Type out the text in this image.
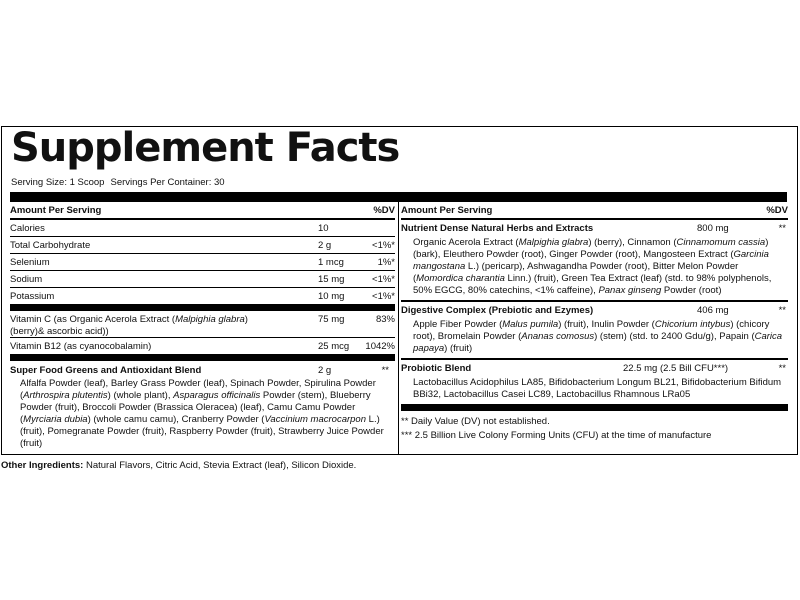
Supplement Facts
Serving Size: 1 Scoop Servings Per Container: 30
Amount Per Serving	%DV
Calories	10
Total Carbohydrate	2 g	<1%*
Selenium	1 mcg	1%*
Sodium	15 mg	<1%*
Potassium	10 mg	<1%*
Vitamin C (as Organic Acerola Extract (Malpighia glabra)
(berry)& ascorbic acid))
75 mg	83%
Vitamin B12 (as cyanocobalamin)	25 mcg 1042%
Super Food Greens and Antioxidant Blend	2 g	**
Alfalfa Powder (leaf), Barley Grass Powder (leaf), Spinach Powder, Spirulina Powder (Arthrospira plutentis) (whole plant), Asparagus officinalis Powder (stem), Blueberry Powder (fruit), Broccoli Powder (Brassica Oleracea) (leaf), Camu Camu Powder (Myrciaria dubia) (whole camu camu), Cranberry Powder (Vaccinium macrocarpon L.) (fruit), Pomegranate Powder (fruit), Raspberry Powder (fruit), Strawberry Juice Powder (fruit)
Amount Per Serving	%DV
Nutrient Dense Natural Herbs and Extracts	800 mg	**
Organic Acerola Extract (Malpighia glabra) (berry), Cinnamon (Cinnamomum cassia) (bark), Eleuthero Powder (root), Ginger Powder (root), Mangosteen Extract (Garcinia mangostana L.) (pericarp), Ashwagandha Powder (root), Bitter Melon Powder (Momordica charantia Linn.) (fruit), Green Tea Extract (leaf) (std. to 98% polyphenols, 50% EGCG, 80% catechins, <1% caffeine), Panax ginseng Powder (root)
Digestive Complex (Prebiotic and Ezymes)	406 mg	**
Apple Fiber Powder (Malus pumila) (fruit), Inulin Powder (Chicorium intybus) (chicory root), Bromelain Powder (Ananas comosus) (stem) (std. to 2400 Gdu/g), Papain (Carica papaya) (fruit)
Probiotic Blend	22.5 mg (2.5 Bill CFU***)	**
Lactobacillus Acidophilus LA85, Bifidobacterium Longum BL21, Bifidobacterium Bifidum BBi32, Lactobacillus Casei LC89, Lactobacillus Rhamnous LRa05
** Daily Value (DV) not established.
*** 2.5 Billion Live Colony Forming Units (CFU) at the time of manufacture
Other Ingredients: Natural Flavors, Citric Acid, Stevia Extract (leaf), Silicon Dioxide.
